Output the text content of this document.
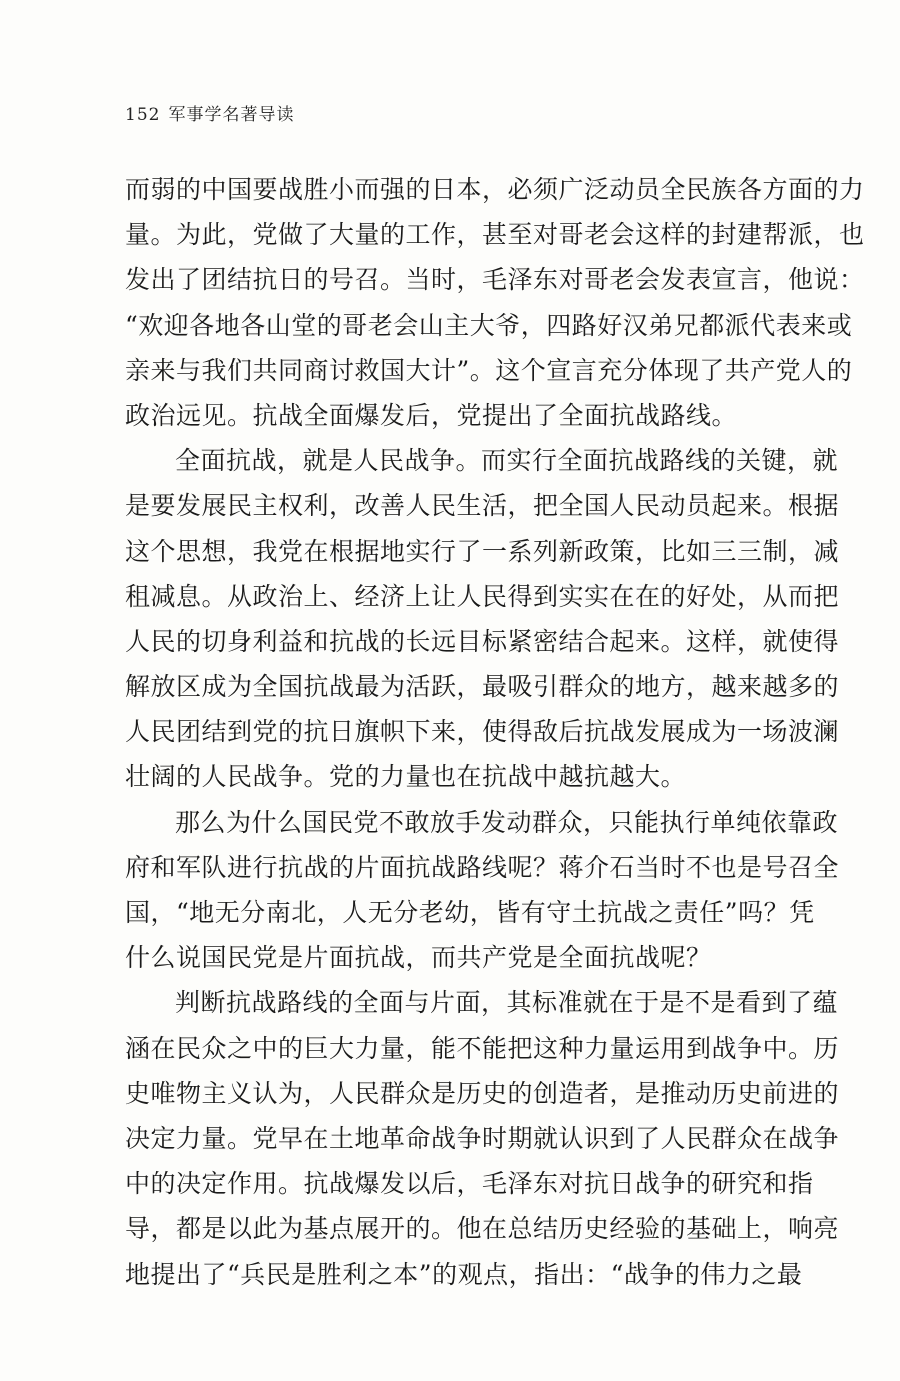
152 军事学名著导读
而弱的中国要战胜小而强的日本，必须广泛动员全民族各方面的力
量。为此，党做了大量的工作，甚至对哥老会这样的封建帮派，也
发出了团结抗日的号召。当时，毛泽东对哥老会发表宣言，他说：
“欢迎各地各山堂的哥老会山主大爷，四路好汉弟兄都派代表来或
亲来与我们共同商讨救国大计”。这个宣言充分体现了共产党人的
政治远见。抗战全面爆发后，党提出了全面抗战路线。
全面抗战，就是人民战争。而实行全面抗战路线的关键，就
是要发展民主权利，改善人民生活，把全国人民动员起来。根据
这个思想，我党在根据地实行了一系列新政策，比如三三制，减
租减息。从政治上、经济上让人民得到实实在在的好处，从而把
人民的切身利益和抗战的长远目标紧密结合起来。这样，就使得
解放区成为全国抗战最为活跃，最吸引群众的地方，越来越多的
人民团结到党的抗日旗帜下来，使得敌后抗战发展成为一场波澜
壮阔的人民战争。党的力量也在抗战中越抗越大。
那么为什么国民党不敢放手发动群众，只能执行单纯依靠政
府和军队进行抗战的片面抗战路线呢？蒋介石当时不也是号召全
国，“地无分南北，人无分老幼，皆有守土抗战之责任”吗？凭
什么说国民党是片面抗战，而共产党是全面抗战呢？
判断抗战路线的全面与片面，其标准就在于是不是看到了蕴
涵在民众之中的巨大力量，能不能把这种力量运用到战争中。历
史唯物主义认为，人民群众是历史的创造者，是推动历史前进的
决定力量。党早在土地革命战争时期就认识到了人民群众在战争
中的决定作用。抗战爆发以后，毛泽东对抗日战争的研究和指
导，都是以此为基点展开的。他在总结历史经验的基础上，响亮
地提出了“兵民是胜利之本”的观点，指出：“战争的伟力之最
